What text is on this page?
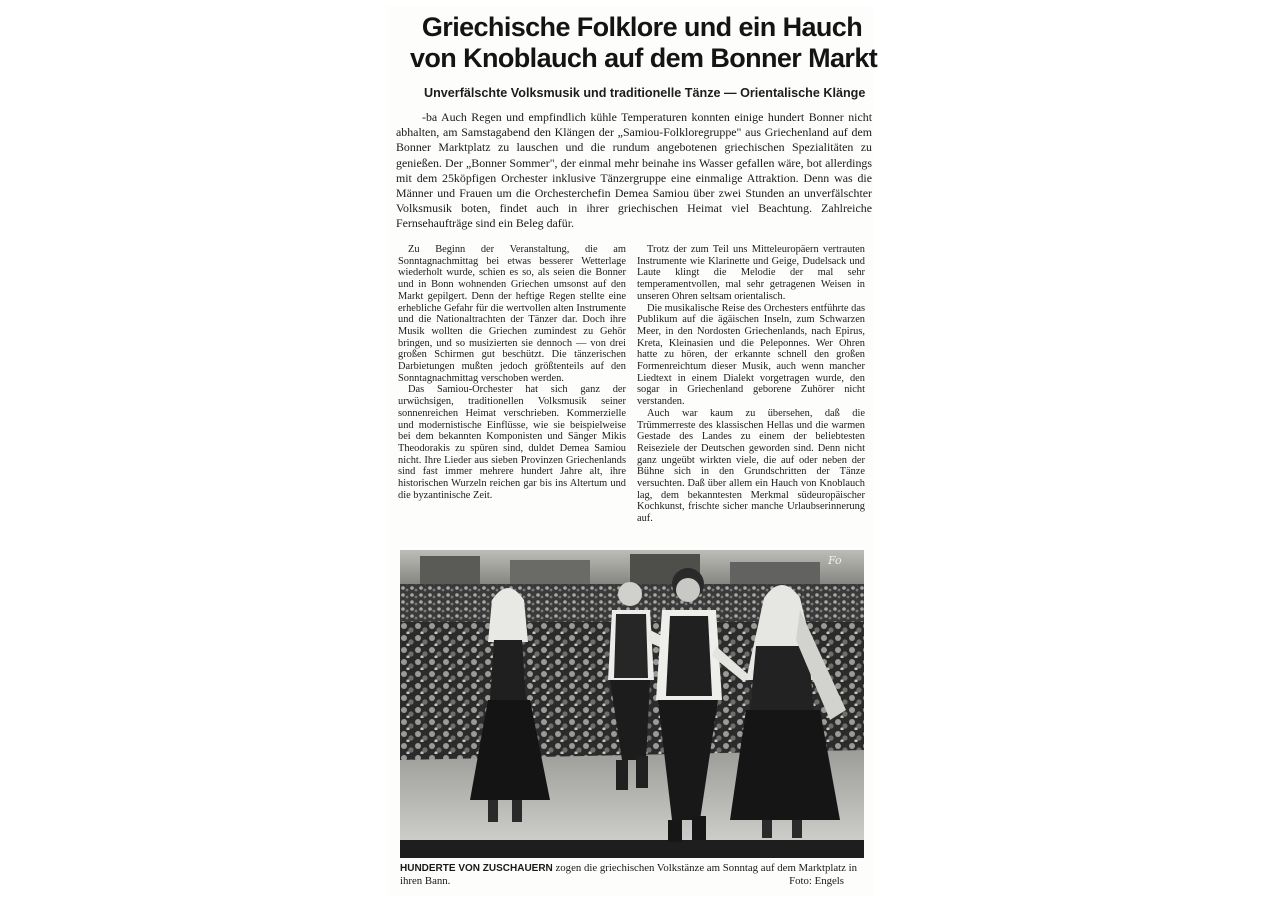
Griechische Folklore und ein Hauch
von Knoblauch auf dem Bonner Markt
Unverfälschte Volksmusik und traditionelle Tänze — Orientalische Klänge

-ba Auch Regen und empfindlich kühle Temperaturen konnten einige hundert Bonner nicht abhalten, am Samstagabend den Klängen der „Samiou-Folkloregruppe" aus Griechenland auf dem Bonner Marktplatz zu lauschen und die rundum angebotenen griechischen Spezialitäten zu genießen. Der „Bonner Sommer", der einmal mehr beinahe ins Wasser gefallen wäre, bot allerdings mit dem 25köpfigen Orchester inklusive Tänzergruppe eine einmalige Attraktion. Denn was die Männer und Frauen um die Orchesterchefin Demea Samiou über zwei Stunden an unverfälschter Volksmusik boten, findet auch in ihrer griechischen Heimat viel Beachtung. Zahlreiche Fernsehaufträge sind ein Beleg dafür.

Zu Beginn der Veranstaltung, die am Sonntagnachmittag bei etwas besserer Wetterlage wiederholt wurde, schien es so, als seien die Bonner und in Bonn wohnenden Griechen umsonst auf den Markt gepilgert. Denn der heftige Regen stellte eine erhebliche Gefahr für die wertvollen alten Instrumente und die Nationaltrachten der Tänzer dar. Doch ihre Musik wollten die Griechen zumindest zu Gehör bringen, und so musizierten sie dennoch — von drei großen Schirmen gut beschützt. Die tänzerischen Darbietungen mußten jedoch größtenteils auf den Sonntagnachmittag verschoben werden.

Das Samiou-Orchester hat sich ganz der urwüchsigen, traditionellen Volksmusik seiner sonnenreichen Heimat verschrieben. Kommerzielle und modernistische Einflüsse, wie sie beispielweise bei dem bekannten Komponisten und Sänger Mikis Theodorakis zu spüren sind, duldet Demea Samiou nicht. Ihre Lieder aus sieben Provinzen Griechenlands sind fast immer mehrere hundert Jahre alt, ihre historischen Wurzeln reichen gar bis ins Altertum und die byzantinische Zeit.

Trotz der zum Teil uns Mitteleuropäern vertrauten Instrumente wie Klarinette und Geige, Dudelsack und Laute klingt die Melodie der mal sehr temperamentvollen, mal sehr getragenen Weisen in unseren Ohren seltsam orientalisch.

Die musikalische Reise des Orchesters entführte das Publikum auf die ägäischen Inseln, zum Schwarzen Meer, in den Nordosten Griechenlands, nach Epirus, Kreta, Kleinasien und die Peleponnes. Wer Ohren hatte zu hören, der erkannte schnell den großen Formenreichtum dieser Musik, auch wenn mancher Liedtext in einem Dialekt vorgetragen wurde, den sogar in Griechenland geborene Zuhörer nicht verstanden.

Auch war kaum zu übersehen, daß die Trümmerreste des klassischen Hellas und die warmen Gestade des Landes zu einem der beliebtesten Reiseziele der Deutschen geworden sind. Denn nicht ganz ungeübt wirkten viele, die auf oder neben der Bühne sich in den Grundschritten der Tänze versuchten. Daß über allem ein Hauch von Knoblauch lag, dem bekanntesten Merkmal südeuropäischer Kochkunst, frischte sicher manche Urlaubserinnerung auf.

Fo

HUNDERTE VON ZUSCHAUERN zogen die griechischen Volkstänze am Sonntag auf dem Marktplatz in ihren Bann.	Foto: Engels
